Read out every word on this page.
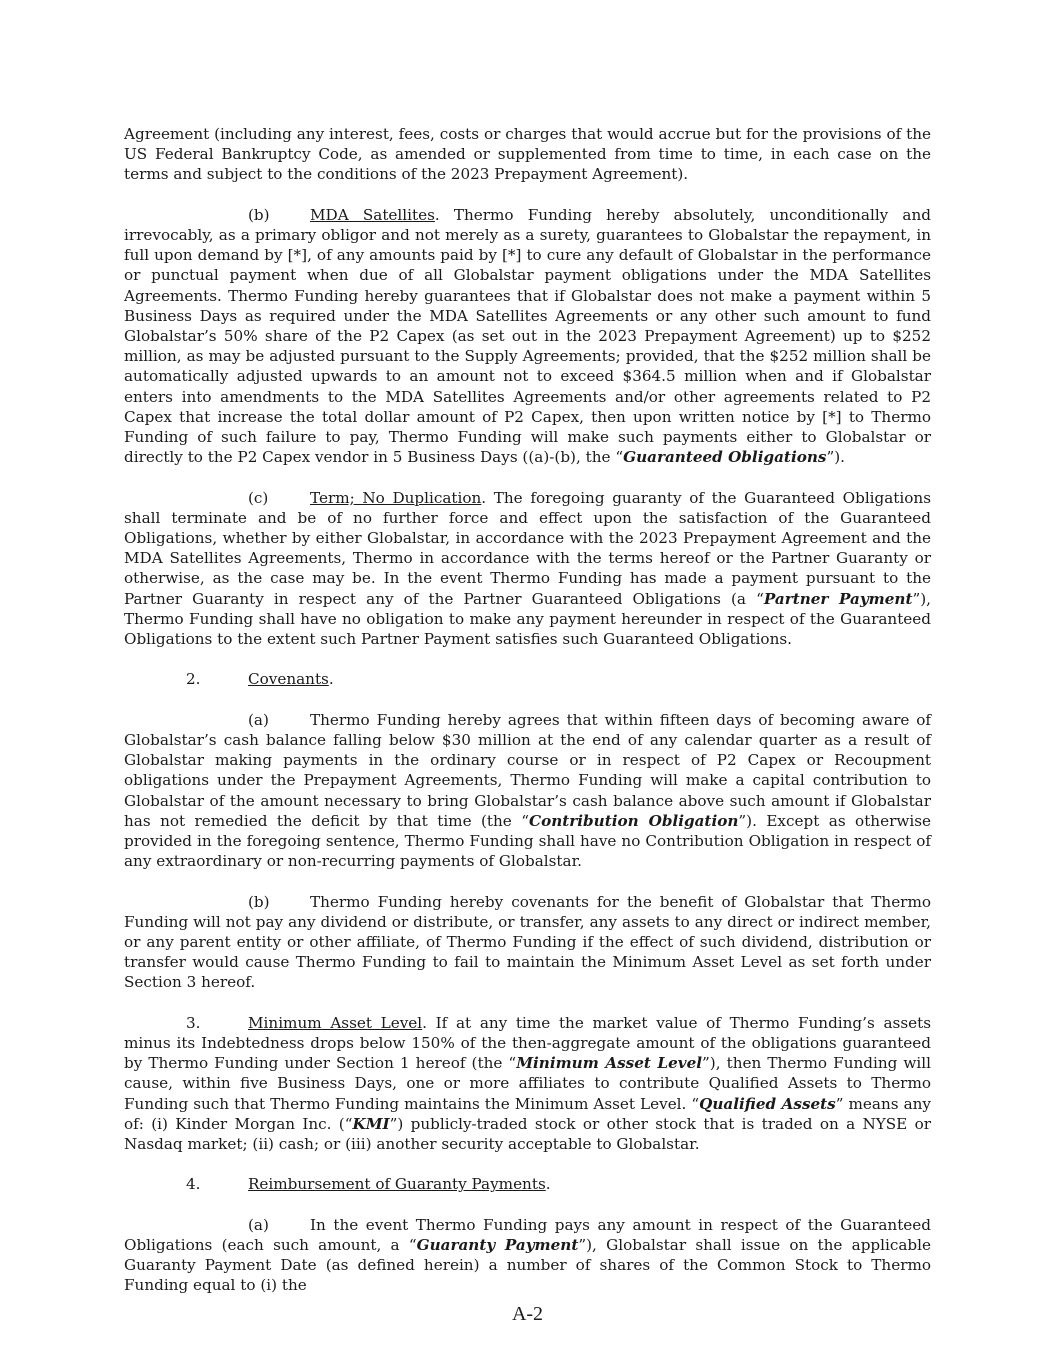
Agreement (including any interest, fees, costs or charges that would accrue but for the provisions of the US Federal Bankruptcy Code, as amended or supplemented from time to time, in each case on the terms and subject to the conditions of the 2023 Prepayment Agreement).

(b)	MDA Satellites. Thermo Funding hereby absolutely, unconditionally and irrevocably, as a primary obligor and not merely as a surety, guarantees to Globalstar the repayment, in full upon demand by [*], of any amounts paid by [*] to cure any default of Globalstar in the performance or punctual payment when due of all Globalstar payment obligations under the MDA Satellites Agreements. Thermo Funding hereby guarantees that if Globalstar does not make a payment within 5 Business Days as required under the MDA Satellites Agreements or any other such amount to fund Globalstar’s 50% share of the P2 Capex (as set out in the 2023 Prepayment Agreement) up to $252 million, as may be adjusted pursuant to the Supply Agreements; provided, that the $252 million shall be automatically adjusted upwards to an amount not to exceed $364.5 million when and if Globalstar enters into amendments to the MDA Satellites Agreements and/or other agreements related to P2 Capex that increase the total dollar amount of P2 Capex, then upon written notice by [*] to Thermo Funding of such failure to pay, Thermo Funding will make such payments either to Globalstar or directly to the P2 Capex vendor in 5 Business Days ((a)-(b), the “Guaranteed Obligations”).

(c)	Term; No Duplication. The foregoing guaranty of the Guaranteed Obligations shall terminate and be of no further force and effect upon the satisfaction of the Guaranteed Obligations, whether by either Globalstar, in accordance with the 2023 Prepayment Agreement and the MDA Satellites Agreements, Thermo in accordance with the terms hereof or the Partner Guaranty or otherwise, as the case may be. In the event Thermo Funding has made a payment pursuant to the Partner Guaranty in respect any of the Partner Guaranteed Obligations (a “Partner Payment”), Thermo Funding shall have no obligation to make any payment hereunder in respect of the Guaranteed Obligations to the extent such Partner Payment satisfies such Guaranteed Obligations.

2.	Covenants.

(a)	Thermo Funding hereby agrees that within fifteen days of becoming aware of Globalstar’s cash balance falling below $30 million at the end of any calendar quarter as a result of Globalstar making payments in the ordinary course or in respect of P2 Capex or Recoupment obligations under the Prepayment Agreements, Thermo Funding will make a capital contribution to Globalstar of the amount necessary to bring Globalstar’s cash balance above such amount if Globalstar has not remedied the deficit by that time (the “Contribution Obligation”). Except as otherwise provided in the foregoing sentence, Thermo Funding shall have no Contribution Obligation in respect of any extraordinary or non-recurring payments of Globalstar.

(b)	Thermo Funding hereby covenants for the benefit of Globalstar that Thermo Funding will not pay any dividend or distribute, or transfer, any assets to any direct or indirect member, or any parent entity or other affiliate, of Thermo Funding if the effect of such dividend, distribution or transfer would cause Thermo Funding to fail to maintain the Minimum Asset Level as set forth under Section 3 hereof.

3.	Minimum Asset Level. If at any time the market value of Thermo Funding’s assets minus its Indebtedness drops below 150% of the then-aggregate amount of the obligations guaranteed by Thermo Funding under Section 1 hereof (the “Minimum Asset Level”), then Thermo Funding will cause, within five Business Days, one or more affiliates to contribute Qualified Assets to Thermo Funding such that Thermo Funding maintains the Minimum Asset Level. “Qualified Assets” means any of: (i) Kinder Morgan Inc. (“KMI”) publicly-traded stock or other stock that is traded on a NYSE or Nasdaq market; (ii) cash; or (iii) another security acceptable to Globalstar.

4.	Reimbursement of Guaranty Payments.

(a)	In the event Thermo Funding pays any amount in respect of the Guaranteed Obligations (each such amount, a “Guaranty Payment”), Globalstar shall issue on the applicable Guaranty Payment Date (as defined herein) a number of shares of the Common Stock to Thermo Funding equal to (i) the

A-2
